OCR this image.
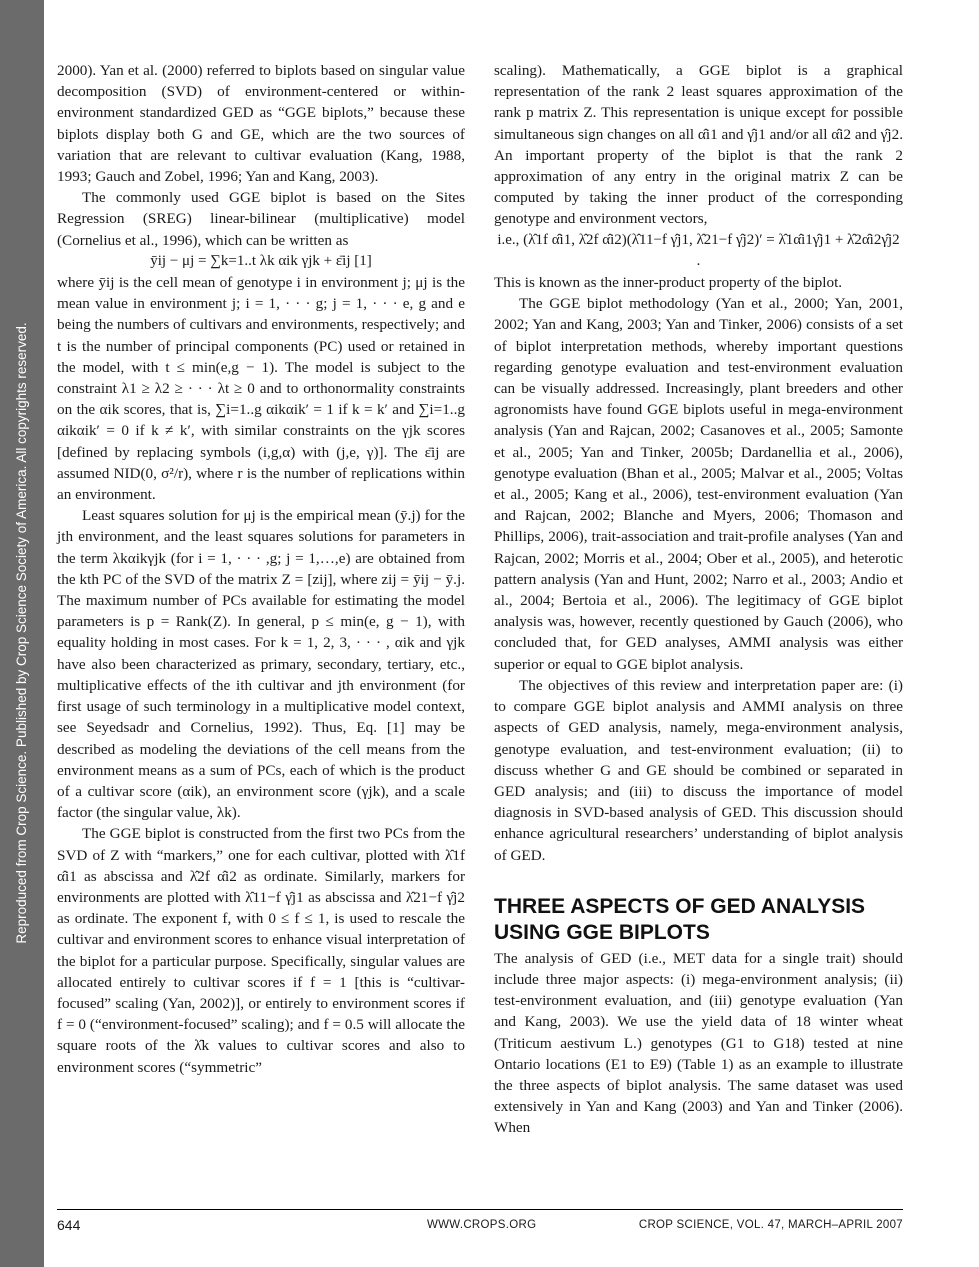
Reproduced from Crop Science. Published by Crop Science Society of America. All copyrights reserved.

2000). Yan et al. (2000) referred to biplots based on singular value decomposition (SVD) of environment-centered or within-environment standardized GED as “GGE biplots,” because these biplots display both G and GE, which are the two sources of variation that are relevant to cultivar evaluation (Kang, 1988, 1993; Gauch and Zobel, 1996; Yan and Kang, 2003).

The commonly used GGE biplot is based on the Sites Regression (SREG) linear-bilinear (multiplicative) model (Cornelius et al., 1996), which can be written as

ȳij − μj = ∑k=1..t λk αik γjk + ε̄ij [1]

where ȳij is the cell mean of genotype i in environment j; μj is the mean value in environment j; i = 1, · · · g; j = 1, · · · e, g and e being the numbers of cultivars and environments, respectively; and t is the number of principal components (PC) used or retained in the model, with t ≤ min(e,g − 1). The model is subject to the constraint λ1 ≥ λ2 ≥ · · · λt ≥ 0 and to orthonormality constraints on the αik scores, that is, ∑i=1..g αikαik′ = 1 if k = k′ and ∑i=1..g αikαik′ = 0 if k ≠ k′, with similar constraints on the γjk scores [defined by replacing symbols (i,g,α) with (j,e, γ)]. The ε̄ij are assumed NID(0, σ²/r), where r is the number of replications within an environment.

Least squares solution for μj is the empirical mean (ȳ.j) for the jth environment, and the least squares solutions for parameters in the term λkαikγjk (for i = 1, · · · ,g; j = 1,…,e) are obtained from the kth PC of the SVD of the matrix Z = [zij], where zij = ȳij − ȳ.j. The maximum number of PCs available for estimating the model parameters is p = Rank(Z). In general, p ≤ min(e, g − 1), with equality holding in most cases. For k = 1, 2, 3, · · · , αik and γjk have also been characterized as primary, secondary, tertiary, etc., multiplicative effects of the ith cultivar and jth environment (for first usage of such terminology in a multiplicative model context, see Seyedsadr and Cornelius, 1992). Thus, Eq. [1] may be described as modeling the deviations of the cell means from the environment means as a sum of PCs, each of which is the product of a cultivar score (αik), an environment score (γjk), and a scale factor (the singular value, λk).

The GGE biplot is constructed from the first two PCs from the SVD of Z with “markers,” one for each cultivar, plotted with λ̂1f α̂i1 as abscissa and λ̂2f α̂i2 as ordinate. Similarly, markers for environments are plotted with λ̂11−f γ̂j1 as abscissa and λ̂21−f γ̂j2 as ordinate. The exponent f, with 0 ≤ f ≤ 1, is used to rescale the cultivar and environment scores to enhance visual interpretation of the biplot for a particular purpose. Specifically, singular values are allocated entirely to cultivar scores if f = 1 [this is “cultivar-focused” scaling (Yan, 2002)], or entirely to environment scores if f = 0 (“environment-focused” scaling); and f = 0.5 will allocate the square roots of the λ̂k values to cultivar scores and also to environment scores (“symmetric”

scaling). Mathematically, a GGE biplot is a graphical representation of the rank 2 least squares approximation of the rank p matrix Z. This representation is unique except for possible simultaneous sign changes on all α̂i1 and γ̂j1 and/or all α̂i2 and γ̂j2. An important property of the biplot is that the rank 2 approximation of any entry in the original matrix Z can be computed by taking the inner product of the corresponding genotype and environment vectors,

i.e., (λ̂1f α̂i1, λ̂2f α̂i2)(λ̂11−f γ̂j1, λ̂21−f γ̂j2)′ = λ̂1α̂i1γ̂j1 + λ̂2α̂i2γ̂j2 .

This is known as the inner-product property of the biplot.

The GGE biplot methodology (Yan et al., 2000; Yan, 2001, 2002; Yan and Kang, 2003; Yan and Tinker, 2006) consists of a set of biplot interpretation methods, whereby important questions regarding genotype evaluation and test-environment evaluation can be visually addressed. Increasingly, plant breeders and other agronomists have found GGE biplots useful in mega-environment analysis (Yan and Rajcan, 2002; Casanoves et al., 2005; Samonte et al., 2005; Yan and Tinker, 2005b; Dardanellia et al., 2006), genotype evaluation (Bhan et al., 2005; Malvar et al., 2005; Voltas et al., 2005; Kang et al., 2006), test-environment evaluation (Yan and Rajcan, 2002; Blanche and Myers, 2006; Thomason and Phillips, 2006), trait-association and trait-profile analyses (Yan and Rajcan, 2002; Morris et al., 2004; Ober et al., 2005), and heterotic pattern analysis (Yan and Hunt, 2002; Narro et al., 2003; Andio et al., 2004; Bertoia et al., 2006). The legitimacy of GGE biplot analysis was, however, recently questioned by Gauch (2006), who concluded that, for GED analyses, AMMI analysis was either superior or equal to GGE biplot analysis.

The objectives of this review and interpretation paper are: (i) to compare GGE biplot analysis and AMMI analysis on three aspects of GED analysis, namely, mega-environment analysis, genotype evaluation, and test-environment evaluation; (ii) to discuss whether G and GE should be combined or separated in GED analysis; and (iii) to discuss the importance of model diagnosis in SVD-based analysis of GED. This discussion should enhance agricultural researchers’ understanding of biplot analysis of GED.

THREE ASPECTS OF GED ANALYSIS USING GGE BIPLOTS

The analysis of GED (i.e., MET data for a single trait) should include three major aspects: (i) mega-environment analysis; (ii) test-environment evaluation, and (iii) genotype evaluation (Yan and Kang, 2003). We use the yield data of 18 winter wheat (Triticum aestivum L.) genotypes (G1 to G18) tested at nine Ontario locations (E1 to E9) (Table 1) as an example to illustrate the three aspects of biplot analysis. The same dataset was used extensively in Yan and Kang (2003) and Yan and Tinker (2006). When

644	WWW.CROPS.ORG	CROP SCIENCE, VOL. 47, MARCH–APRIL 2007
